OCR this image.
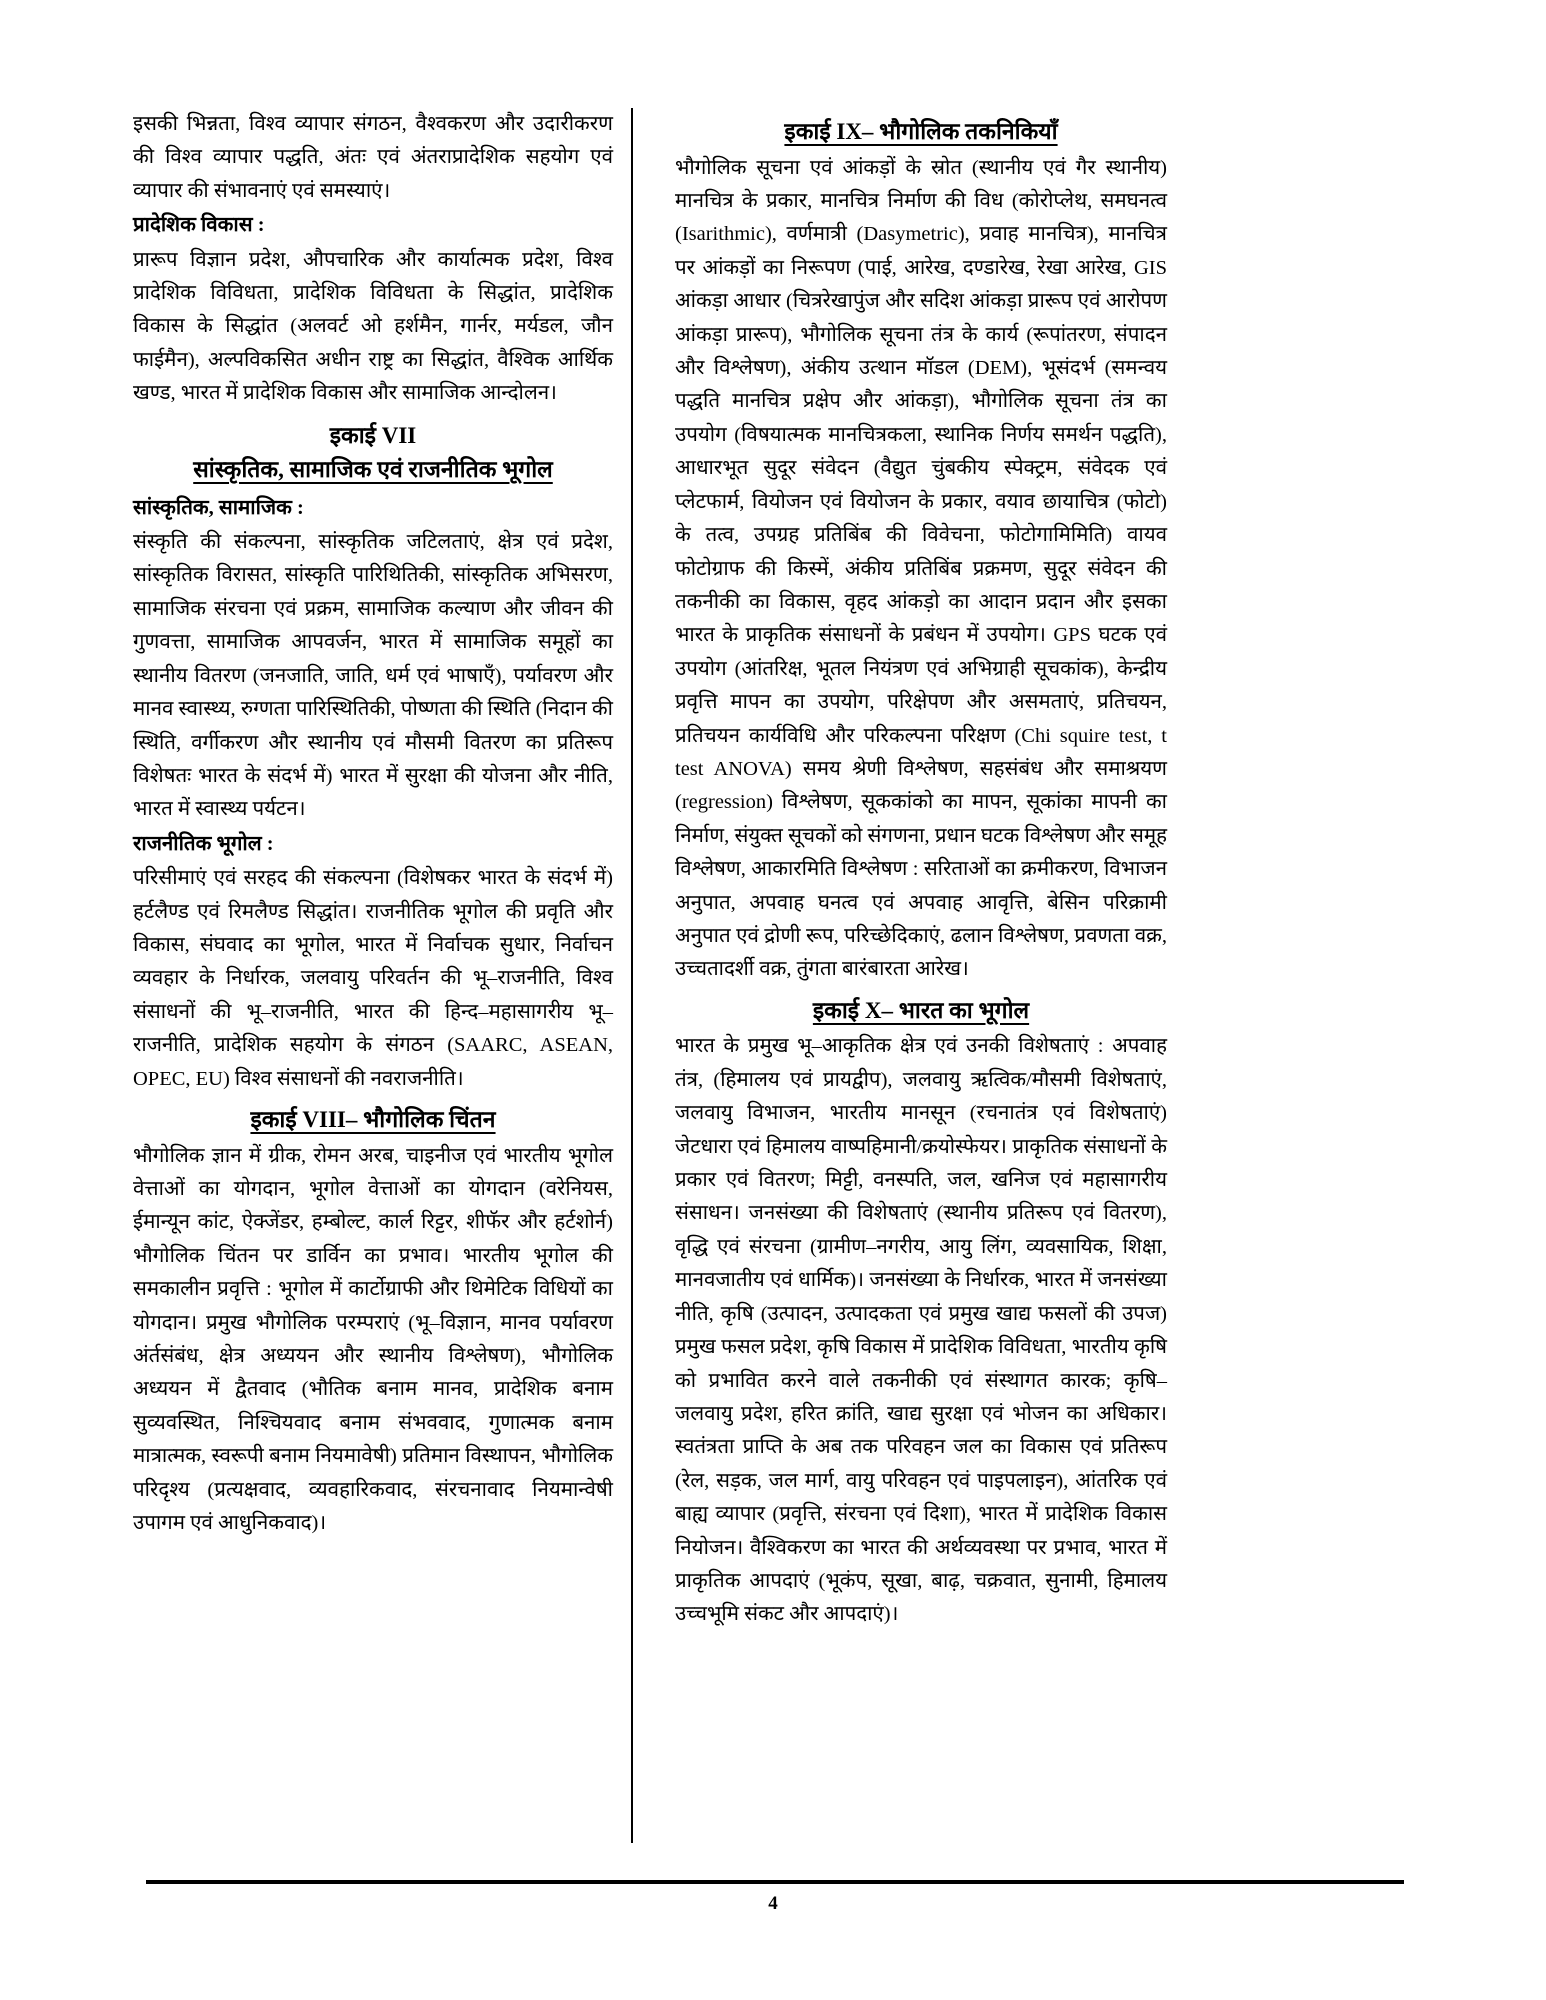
इसकी भिन्नता, विश्व व्यापार संगठन, वैश्‍वकरण और उदारीकरण की विश्व व्यापार पद्धति, अंतः एवं अंतराप्रादेशिक सहयोग एवं व्यापार की संभावनाएं एवं समस्याएं।

प्रादेशिक विकास :

प्रारूप विज्ञान प्रदेश, औपचारिक और कार्यात्मक प्रदेश, विश्व प्रादेशिक विविधता, प्रादेशिक विविधता के सिद्धांत, प्रादेशिक विकास के सिद्धांत (अलवर्ट ओ हर्शमैन, गार्नर, मर्यडल, जौन फाईमैन), अल्पविकसित अधीन राष्ट्र का सिद्धांत, वैश्विक आर्थिक खण्ड, भारत में प्रादेशिक विकास और सामाजिक आन्दोलन।

इकाई VII
सांस्कृतिक, सामाजिक एवं राजनीतिक भूगोल
सांस्कृतिक, सामाजिक :

संस्कृति की संकल्पना, सांस्कृतिक जटिलताएं, क्षेत्र एवं प्रदेश, सांस्कृतिक विरासत, सांस्कृति पारिथितिकी, सांस्कृतिक अभिसरण, सामाजिक संरचना एवं प्रक्रम, सामाजिक कल्याण और जीवन की गुणवत्ता, सामाजिक आपवर्जन, भारत में सामाजिक समूहों का स्थानीय वितरण (जनजाति, जाति, धर्म एवं भाषाएँ), पर्यावरण और मानव स्वास्थ्य, रुग्णता पारिस्थितिकी, पोष्णता की स्थिति (निदान की स्थिति, वर्गीकरण और स्थानीय एवं मौसमी वितरण का प्रतिरूप विशेषतः भारत के संदर्भ में) भारत में सुरक्षा की योजना और नीति, भारत में स्वास्थ्य पर्यटन।

राजनीतिक भूगोल :

परिसीमाएं एवं सरहद की संकल्पना (विशेषकर भारत के संदर्भ में) हर्टलैण्ड एवं रिमलैण्ड सिद्धांत। राजनीतिक भूगोल की प्रवृति और विकास, संघवाद का भूगोल, भारत में निर्वाचक सुधार, निर्वाचन व्यवहार के निर्धारक, जलवायु परिवर्तन की भू–राजनीति, विश्व संसाधनों की भू–राजनीति, भारत की हिन्द–महासागरीय भू–राजनीति, प्रादेशिक सहयोग के संगठन (SAARC, ASEAN, OPEC, EU) विश्व संसाधनों की नवराजनीति।

इकाई VIII– भौगोलिक चिंतन

भौगोलिक ज्ञान में ग्रीक, रोमन अरब, चाइनीज एवं भारतीय भूगोल वेत्ताओं का योगदान, भूगोल वेत्ताओं का योगदान (वरेनियस, ईमान्यून कांट, ऐक्जेंडर, हम्बोल्ट, कार्ल रिट्टर, शीफॅर और हर्टशोर्न) भौगोलिक चिंतन पर डार्विन का प्रभाव। भारतीय भूगोल की समकालीन प्रवृत्ति : भूगोल में कार्टोग्राफी और थिमेटिक विधियों का योगदान। प्रमुख भौगोलिक परम्पराएं (भू–विज्ञान, मानव पर्यावरण अंर्तसंबंध, क्षेत्र अध्ययन और स्थानीय विश्लेषण), भौगोलिक अध्ययन में द्वैतवाद (भौतिक बनाम मानव, प्रादेशिक बनाम सुव्यवस्थित, निश्चियवाद बनाम संभववाद, गुणात्मक बनाम मात्रात्मक, स्वरूपी बनाम नियमावेषी) प्रतिमान विस्थापन, भौगोलिक परिदृश्य (प्रत्यक्षवाद, व्यवहारिकवाद, संरचनावाद नियमान्वेषी उपागम एवं आधुनिकवाद)।

इकाई IX– भौगोलिक तकनिकियाँ

भौगोलिक सूचना एवं आंकड़ों के स्रोत (स्थानीय एवं गैर स्थानीय) मानचित्र के प्रकार, मानचित्र निर्माण की विध (कोरोप्लेथ, समघनत्व (Isarithmic), वर्णमात्री (Dasymetric), प्रवाह मानचित्र), मानचित्र पर आंकड़ों का निरूपण (पाई, आरेख, दण्डारेख, रेखा आरेख, GIS आंकड़ा आधार (चित्ररेखापुंज और सदिश आंकड़ा प्रारूप एवं आरोपण आंकड़ा प्रारूप), भौगोलिक सूचना तंत्र के कार्य (रूपांतरण, संपादन और विश्लेषण), अंकीय उत्थान मॉडल (DEM), भूसंदर्भ (समन्वय पद्धति मानचित्र प्रक्षेप और आंकड़ा), भौगोलिक सूचना तंत्र का उपयोग (विषयात्मक मानचित्रकला, स्थानिक निर्णय समर्थन पद्धति), आधारभूत सुदूर संवेदन (वैद्युत चुंबकीय स्पेक्ट्रम, संवेदक एवं प्लेटफार्म, वियोजन एवं वियोजन के प्रकार, वयाव छायाचित्र (फोटो) के तत्व, उपग्रह प्रतिबिंब की विवेचना, फोटोगामिमिति) वायव फोटोग्राफ की किस्में, अंकीय प्रतिबिंब प्रक्रमण, सुदूर संवेदन की तकनीकी का विकास, वृहद आंकड़ो का आदान प्रदान और इसका भारत के प्राकृतिक संसाधनों के प्रबंधन में उपयोग। GPS घटक एवं उपयोग (आंतरिक्ष, भूतल नियंत्रण एवं अभिग्राही सूचकांक), केन्द्रीय प्रवृत्ति मापन का उपयोग, परिक्षेपण और असमताएं, प्रतिचयन, प्रतिचयन कार्यविधि और परिकल्पना परिक्षण (Chi squire test, t test ANOVA) समय श्रेणी विश्लेषण, सहसंबंध और समाश्रयण (regression) विश्लेषण, सूककांको का मापन, सूकांका मापनी का निर्माण, संयुक्त सूचकों को संगणना, प्रधान घटक विश्लेषण और समूह विश्लेषण, आकारमिति विश्लेषण : सरिताओं का क्रमीकरण, विभाजन अनुपात, अपवाह घनत्व एवं अपवाह आवृत्ति, बेसिन परिक्रामी अनुपात एवं द्रोणी रूप, परिच्छेदिकाएं, ढलान विश्लेषण, प्रवणता वक्र, उच्चतादर्शी वक्र, तुंगता बारंबारता आरेख।

इकाई X– भारत का भूगोल

भारत के प्रमुख भू–आकृतिक क्षेत्र एवं उनकी विशेषताएं : अपवाह तंत्र, (हिमालय एवं प्रायद्वीप), जलवायु ऋत्विक/मौसमी विशेषताएं, जलवायु विभाजन, भारतीय मानसून (रचनातंत्र एवं विशेषताएं) जेटधारा एवं हिमालय वाष्पहिमानी/क्रयोस्फेयर। प्राकृतिक संसाधनों के प्रकार एवं वितरण; मिट्टी, वनस्पति, जल, खनिज एवं महासागरीय संसाधन। जनसंख्या की विशेषताएं (स्थानीय प्रतिरूप एवं वितरण), वृद्धि एवं संरचना (ग्रामीण–नगरीय, आयु लिंग, व्यवसायिक, शिक्षा, मानवजातीय एवं धार्मिक)। जनसंख्या के निर्धारक, भारत में जनसंख्या नीति, कृषि (उत्पादन, उत्पादकता एवं प्रमुख खाद्य फसलों की उपज) प्रमुख फसल प्रदेश, कृषि विकास में प्रादेशिक विविधता, भारतीय कृषि को प्रभावित करने वाले तकनीकी एवं संस्थागत कारक; कृषि– जलवायु प्रदेश, हरित क्रांति, खाद्य सुरक्षा एवं भोजन का अधिकार। स्वतंत्रता प्राप्ति के अब तक परिवहन जल का विकास एवं प्रतिरूप (रेल, सड़क, जल मार्ग, वायु परिवहन एवं पाइपलाइन), आंतरिक एवं बाह्य व्यापार (प्रवृत्ति, संरचना एवं दिशा), भारत में प्रादेशिक विकास नियोजन। वैश्विकरण का भारत की अर्थव्यवस्था पर प्रभाव, भारत में प्राकृतिक आपदाएं (भूकंप, सूखा, बाढ़, चक्रवात, सुनामी, हिमालय उच्चभूमि संकट और आपदाएं)।

4
